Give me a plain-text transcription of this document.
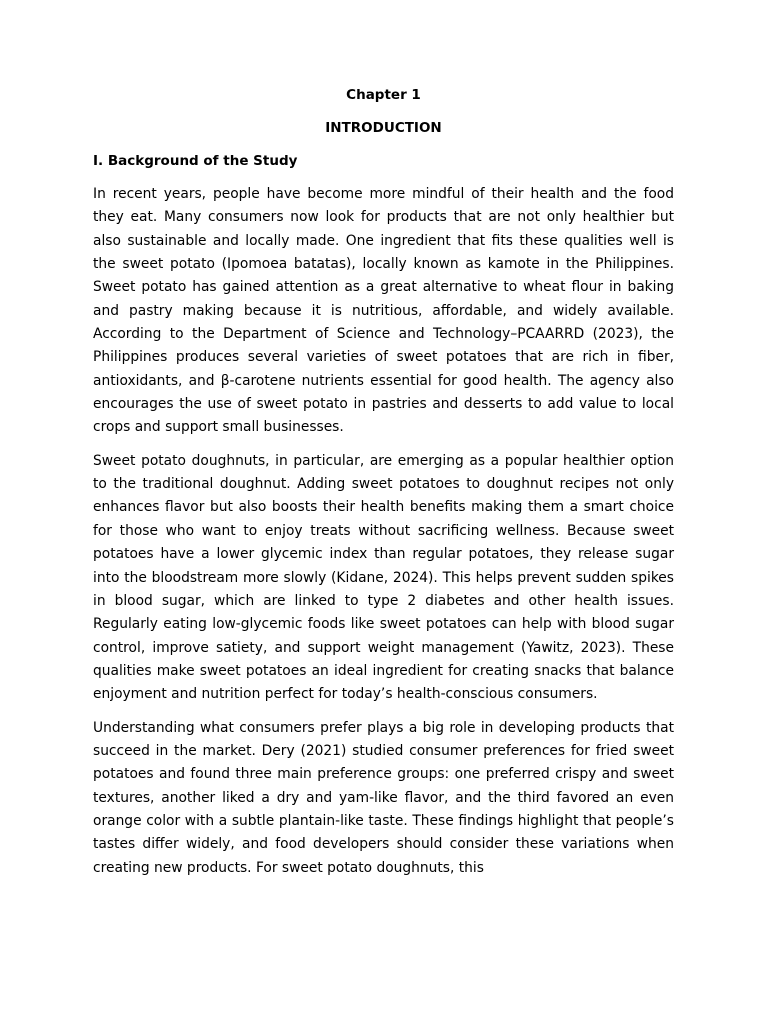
Chapter 1
INTRODUCTION
I. Background of the Study

In recent years, people have become more mindful of their health and the food they eat. Many consumers now look for products that are not only healthier but also sustainable and locally made. One ingredient that fits these qualities well is the sweet potato (Ipomoea batatas), locally known as kamote in the Philippines. Sweet potato has gained attention as a great alternative to wheat flour in baking and pastry making because it is nutritious, affordable, and widely available. According to the Department of Science and Technology–PCAARRD (2023), the Philippines produces several varieties of sweet potatoes that are rich in fiber, antioxidants, and β-carotene nutrients essential for good health. The agency also encourages the use of sweet potato in pastries and desserts to add value to local crops and support small businesses.

Sweet potato doughnuts, in particular, are emerging as a popular healthier option to the traditional doughnut. Adding sweet potatoes to doughnut recipes not only enhances flavor but also boosts their health benefits making them a smart choice for those who want to enjoy treats without sacrificing wellness. Because sweet potatoes have a lower glycemic index than regular potatoes, they release sugar into the bloodstream more slowly (Kidane, 2024). This helps prevent sudden spikes in blood sugar, which are linked to type 2 diabetes and other health issues. Regularly eating low-glycemic foods like sweet potatoes can help with blood sugar control, improve satiety, and support weight management (Yawitz, 2023). These qualities make sweet potatoes an ideal ingredient for creating snacks that balance enjoyment and nutrition perfect for today’s health-conscious consumers.

Understanding what consumers prefer plays a big role in developing products that succeed in the market. Dery (2021) studied consumer preferences for fried sweet potatoes and found three main preference groups: one preferred crispy and sweet textures, another liked a dry and yam-like flavor, and the third favored an even orange color with a subtle plantain-like taste. These findings highlight that people’s tastes differ widely, and food developers should consider these variations when creating new products. For sweet potato doughnuts, this
